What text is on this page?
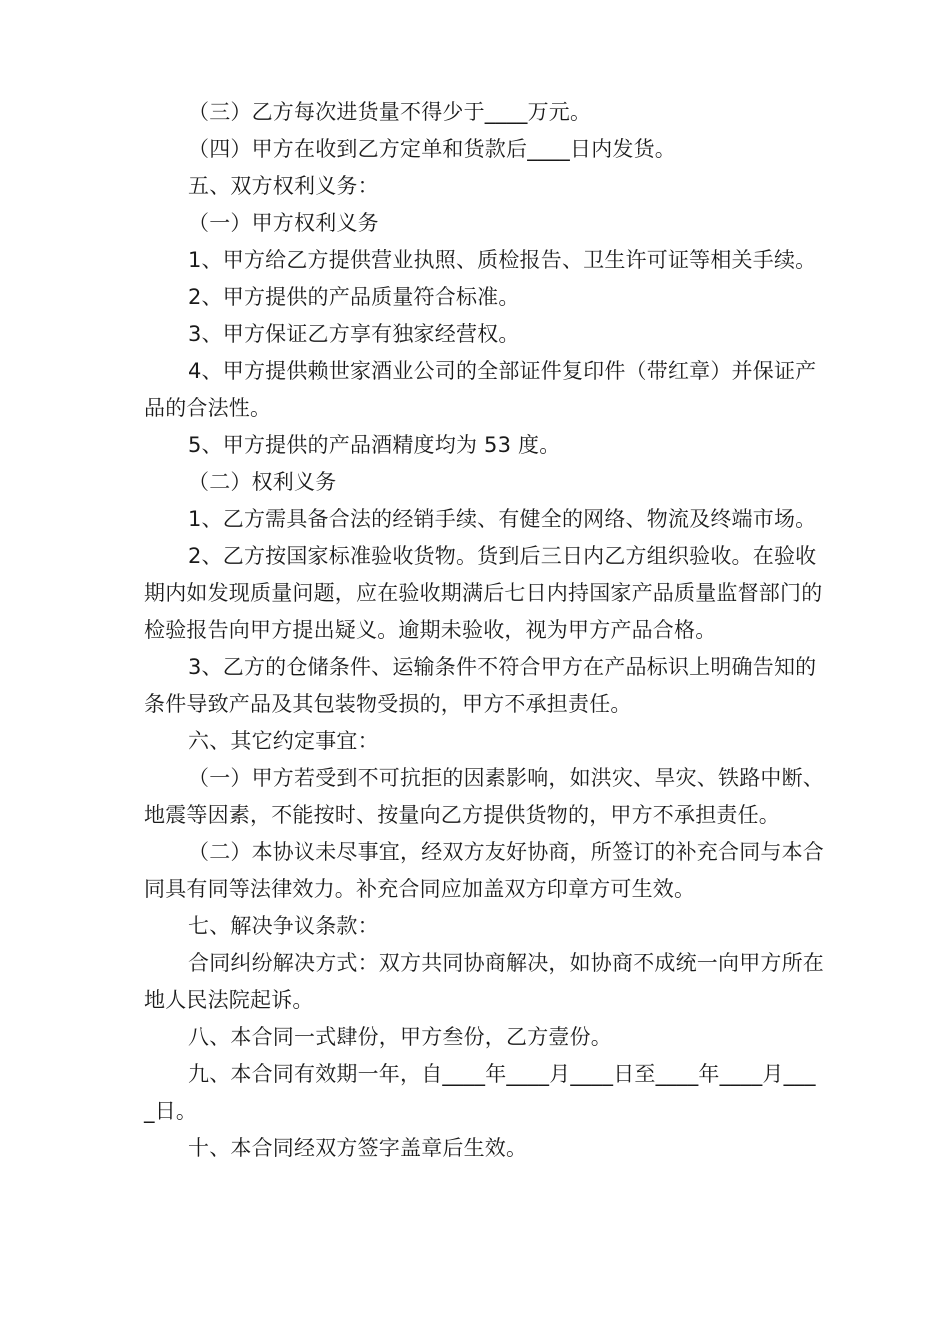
（三）乙方每次进货量不得少于____万元。

（四）甲方在收到乙方定单和货款后____日内发货。

五、双方权利义务：

（一）甲方权利义务

1、甲方给乙方提供营业执照、质检报告、卫生许可证等相关手续。

2、甲方提供的产品质量符合标准。

3、甲方保证乙方享有独家经营权。

4、甲方提供赖世家酒业公司的全部证件复印件（带红章）并保证产品的合法性。

5、甲方提供的产品酒精度均为 53 度。

（二）权利义务

1、乙方需具备合法的经销手续、有健全的网络、物流及终端市场。

2、乙方按国家标准验收货物。货到后三日内乙方组织验收。在验收期内如发现质量问题，应在验收期满后七日内持国家产品质量监督部门的检验报告向甲方提出疑义。逾期未验收，视为甲方产品合格。

3、乙方的仓储条件、运输条件不符合甲方在产品标识上明确告知的条件导致产品及其包装物受损的，甲方不承担责任。

六、其它约定事宜：

（一）甲方若受到不可抗拒的因素影响，如洪灾、旱灾、铁路中断、地震等因素，不能按时、按量向乙方提供货物的，甲方不承担责任。

（二）本协议未尽事宜，经双方友好协商，所签订的补充合同与本合同具有同等法律效力。补充合同应加盖双方印章方可生效。

七、解决争议条款：

合同纠纷解决方式：双方共同协商解决，如协商不成统一向甲方所在地人民法院起诉。

八、本合同一式肆份，甲方叁份，乙方壹份。

九、本合同有效期一年，自____年____月____日至____年____月____日。

十、本合同经双方签字盖章后生效。
